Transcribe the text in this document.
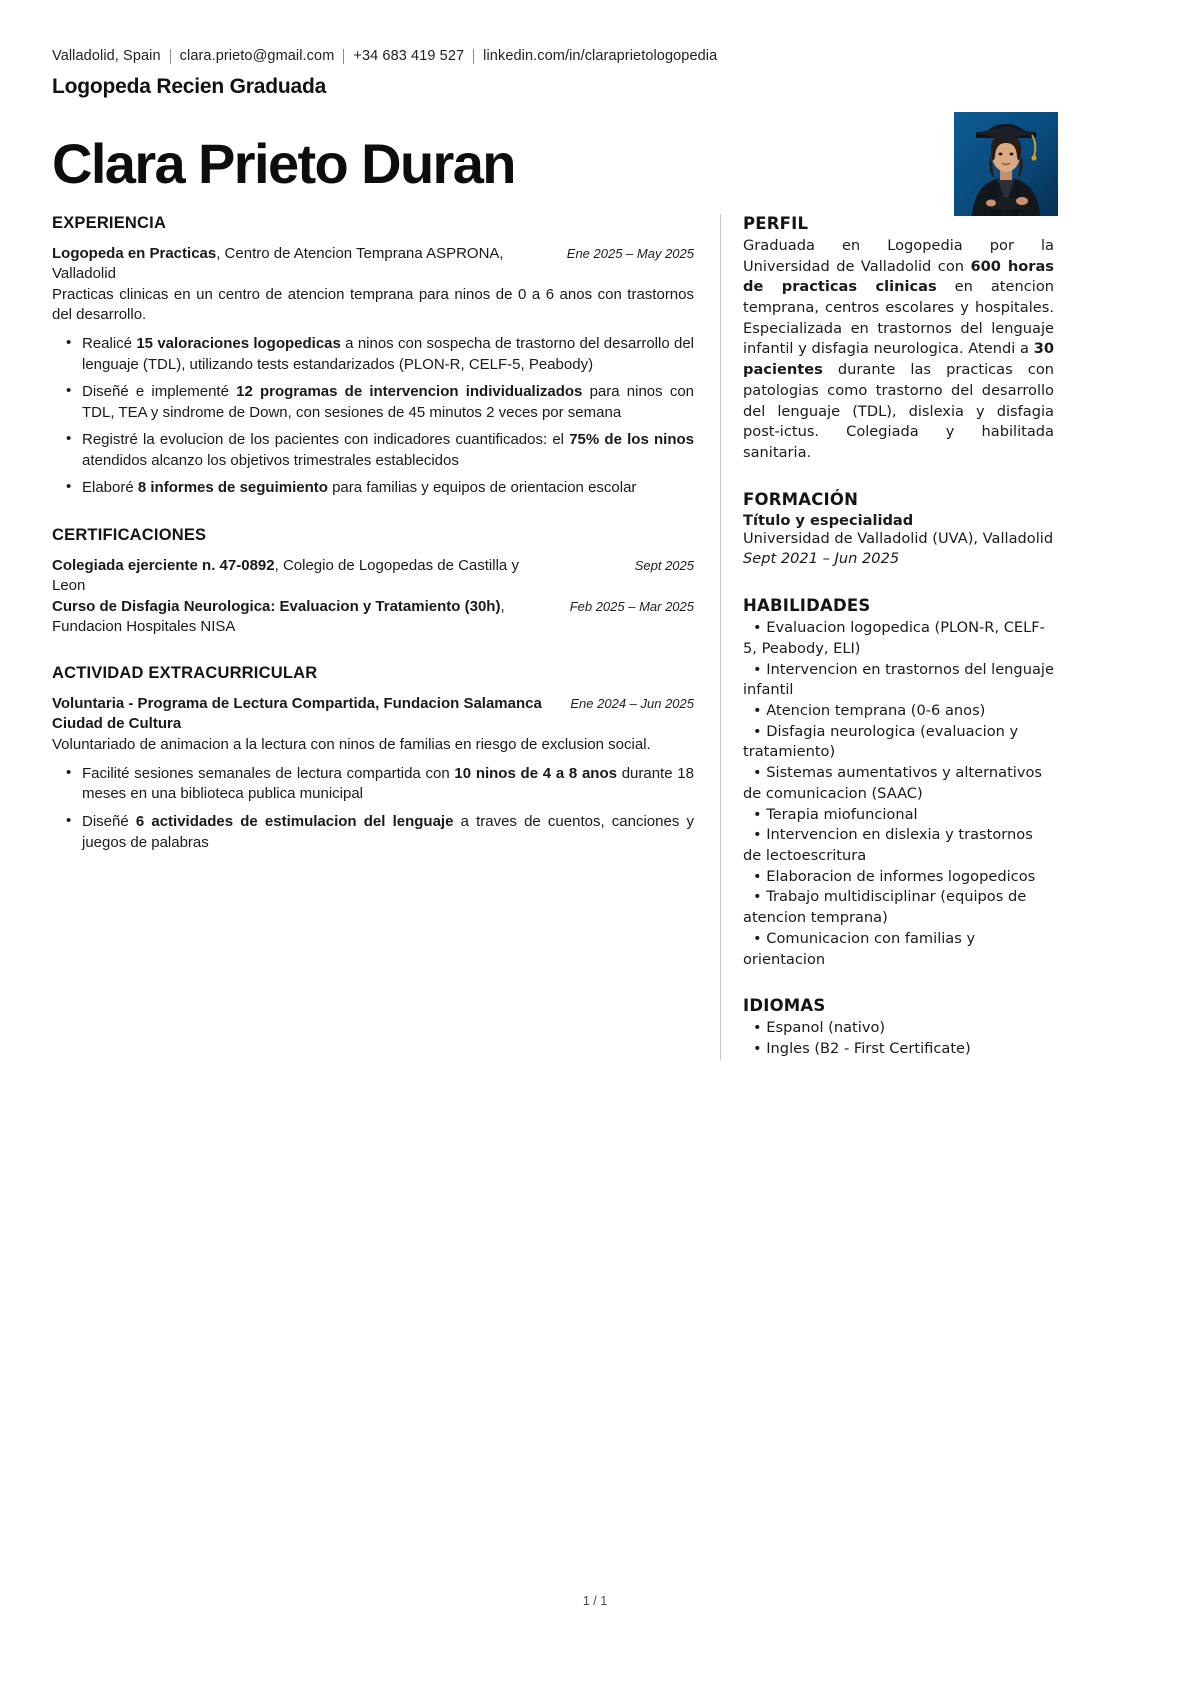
Valladolid, Spain	clara.prieto@gmail.com	+34 683 419 527	linkedin.com/in/claraprietologopedia
Logopeda Recien Graduada
Clara Prieto Duran
EXPERIENCIA
Logopeda en Practicas, Centro de Atencion Temprana ASPRONA, Valladolid
Ene 2025 – May 2025
Practicas clinicas en un centro de atencion temprana para ninos de 0 a 6 anos con trastornos del desarrollo.
• Realicé 15 valoraciones logopedicas a ninos con sospecha de trastorno del desarrollo del lenguaje (TDL), utilizando tests estandarizados (PLON-R, CELF-5, Peabody)
• Diseñé e implementé 12 programas de intervencion individualizados para ninos con TDL, TEA y sindrome de Down, con sesiones de 45 minutos 2 veces por semana
• Registré la evolucion de los pacientes con indicadores cuantificados: el 75% de los ninos atendidos alcanzo los objetivos trimestrales establecidos
• Elaboré 8 informes de seguimiento para familias y equipos de orientacion escolar
CERTIFICACIONES
Colegiada ejerciente n. 47-0892, Colegio de Logopedas de Castilla y Leon
Sept 2025
Curso de Disfagia Neurologica: Evaluacion y Tratamiento (30h), Fundacion Hospitales NISA
Feb 2025 – Mar 2025
ACTIVIDAD EXTRACURRICULAR
Voluntaria - Programa de Lectura Compartida, Fundacion Salamanca Ciudad de Cultura
Ene 2024 – Jun 2025
Voluntariado de animacion a la lectura con ninos de familias en riesgo de exclusion social.
• Facilité sesiones semanales de lectura compartida con 10 ninos de 4 a 8 anos durante 18 meses en una biblioteca publica municipal
• Diseñé 6 actividades de estimulacion del lenguaje a traves de cuentos, canciones y juegos de palabras
PERFIL
Graduada en Logopedia por la Universidad de Valladolid con 600 horas de practicas clinicas en atencion temprana, centros escolares y hospitales. Especializada en trastornos del lenguaje infantil y disfagia neurologica. Atendi a 30 pacientes durante las practicas con patologias como trastorno del desarrollo del lenguaje (TDL), dislexia y disfagia post-ictus. Colegiada y habilitada sanitaria.
FORMACIÓN
Título y especialidad
Universidad de Valladolid (UVA), Valladolid
Sept 2021 – Jun 2025
HABILIDADES
• Evaluacion logopedica (PLON-R, CELF-5, Peabody, ELI)
• Intervencion en trastornos del lenguaje infantil
• Atencion temprana (0-6 anos)
• Disfagia neurologica (evaluacion y tratamiento)
• Sistemas aumentativos y alternativos de comunicacion (SAAC)
• Terapia miofuncional
• Intervencion en dislexia y trastornos de lectoescritura
• Elaboracion de informes logopedicos
• Trabajo multidisciplinar (equipos de atencion temprana)
• Comunicacion con familias y orientacion
IDIOMAS
• Espanol (nativo)
• Ingles (B2 - First Certificate)
1 / 1
